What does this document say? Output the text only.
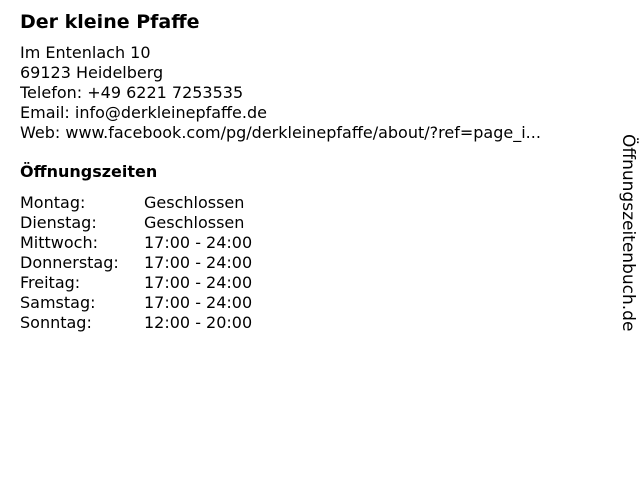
Der kleine Pfaffe
Im Entenlach 10
69123 Heidelberg
Telefon: +49 6221 7253535
Email: info@derkleinepfaffe.de
Web: www.facebook.com/pg/derkleinepfaffe/about/?ref=page_i...
Öffnungszeiten
Montag:	Geschlossen
Dienstag:	Geschlossen
Mittwoch:	17:00 - 24:00
Donnerstag:	17:00 - 24:00
Freitag:	17:00 - 24:00
Samstag:	17:00 - 24:00
Sonntag:	12:00 - 20:00	Öffnungszeitenbuch.de
